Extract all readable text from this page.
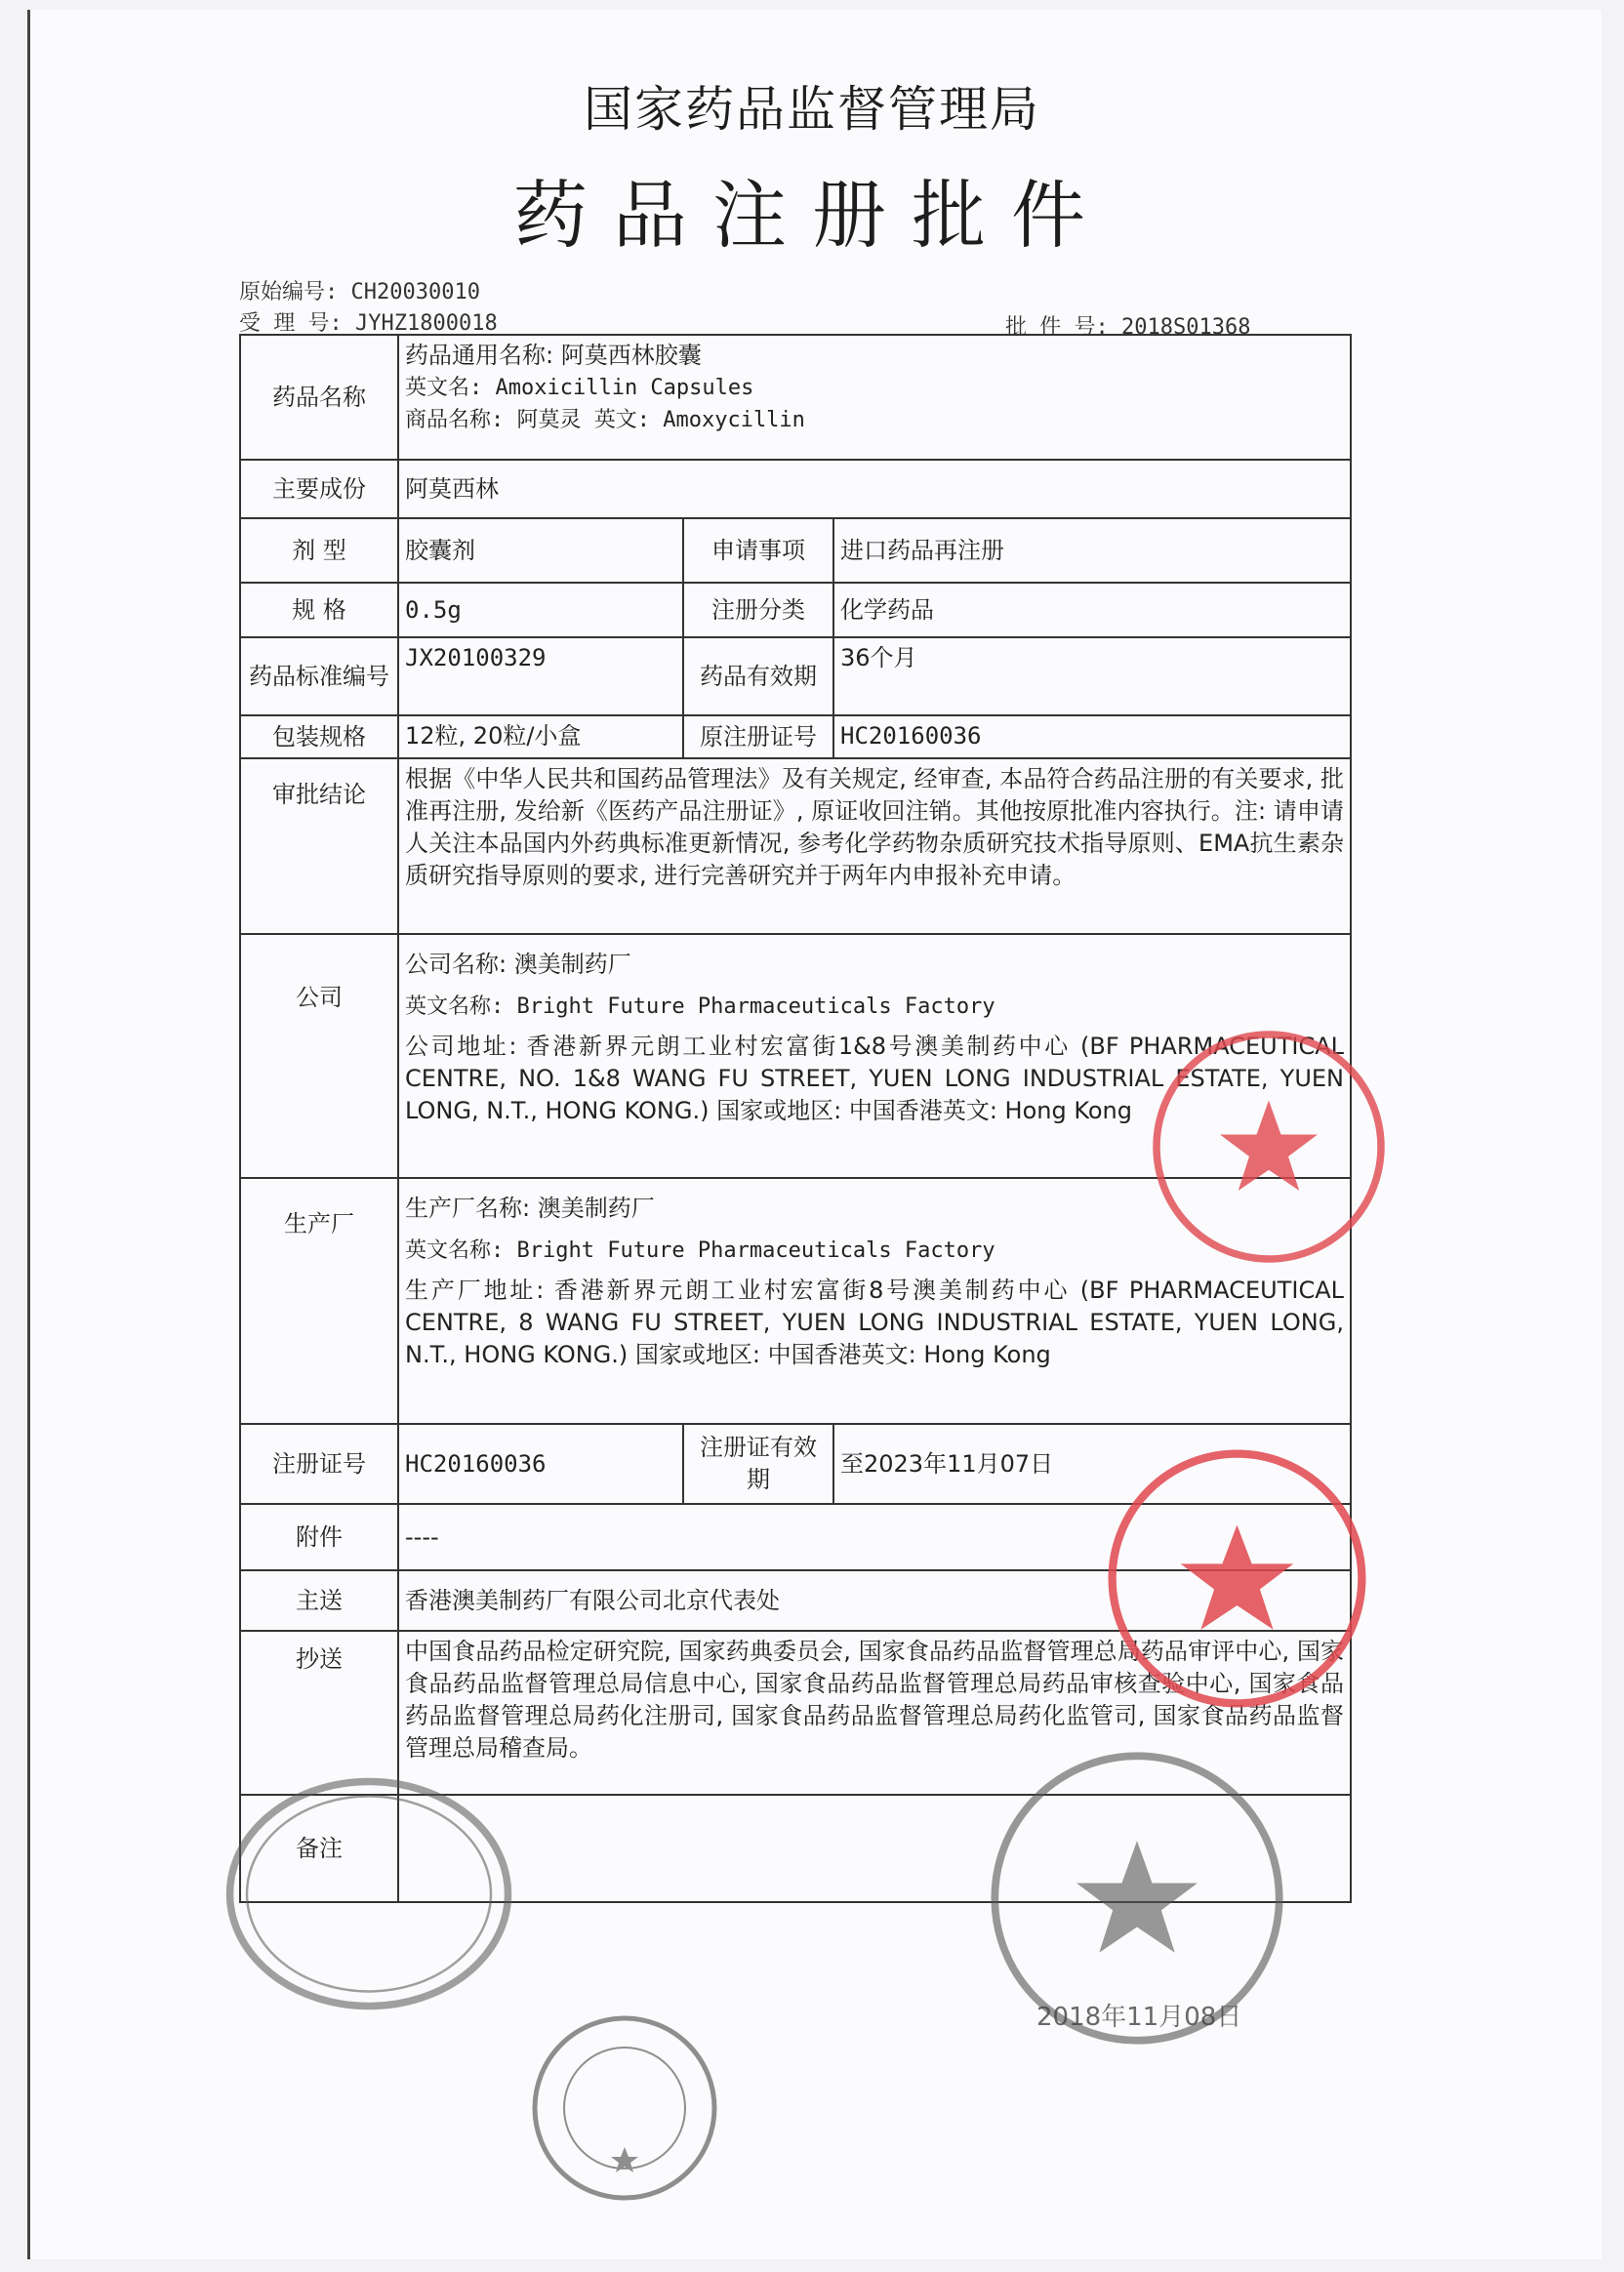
国家药品监督管理局
药品注册批件
原始编号: CH20030010
受 理 号: JYHZ1800018	批 件 号: 2018S01368
药品名称	药品通用名称: 阿莫西林胶囊
英文名: Amoxicillin Capsules
商品名称: 阿莫灵 英文: Amoxycillin		

主要成份	阿莫西林		
剂 型	胶囊剂	申请事项	进口药品再注册
规 格	0.5g	注册分类	化学药品
药品标准编号	JX20100329	药品有效期	36个月
包装规格	12粒, 20粒/小盒	原注册证号	HC20160036
审批结论	根据《中华人民共和国药品管理法》及有关规定, 经审查, 本品符合药品注册的有关要求, 批准再注册, 发给新《医药产品注册证》, 原证收回注销。其他按原批准内容执行。注: 请申请人关注本品国内外药典标准更新情况, 参考化学药物杂质研究技术指导原则、EMA抗生素杂质研究指导原则的要求, 进行完善研究并于两年内申报补充申请。		
公司	公司名称: 澳美制药厂
英文名称: Bright Future Pharmaceuticals Factory
公司地址: 香港新界元朗工业村宏富街1&8号澳美制药中心 (BF PHARMACEUTICAL CENTRE, NO. 1&8 WANG FU STREET, YUEN LONG INDUSTRIAL ESTATE, YUEN LONG, N.T., HONG KONG.) 国家或地区: 中国香港英文: Hong Kong		

生产厂	生产厂名称: 澳美制药厂
英文名称: Bright Future Pharmaceuticals Factory
生产厂地址: 香港新界元朗工业村宏富街8号澳美制药中心 (BF PHARMACEUTICAL CENTRE, 8 WANG FU STREET, YUEN LONG INDUSTRIAL ESTATE, YUEN LONG, N.T., HONG KONG.) 国家或地区: 中国香港英文: Hong Kong		

注册证号	HC20160036	注册证有效期	至2023年11月07日
附件	----		
主送	香港澳美制药厂有限公司北京代表处		
抄送	中国食品药品检定研究院, 国家药典委员会, 国家食品药品监督管理总局药品审评中心, 国家食品药品监督管理总局信息中心, 国家食品药品监督管理总局药品审核查验中心, 国家食品药品监督管理总局药化注册司, 国家食品药品监督管理总局药化监管司, 国家食品药品监督管理总局稽查局。		
备注			
2018年11月08日
